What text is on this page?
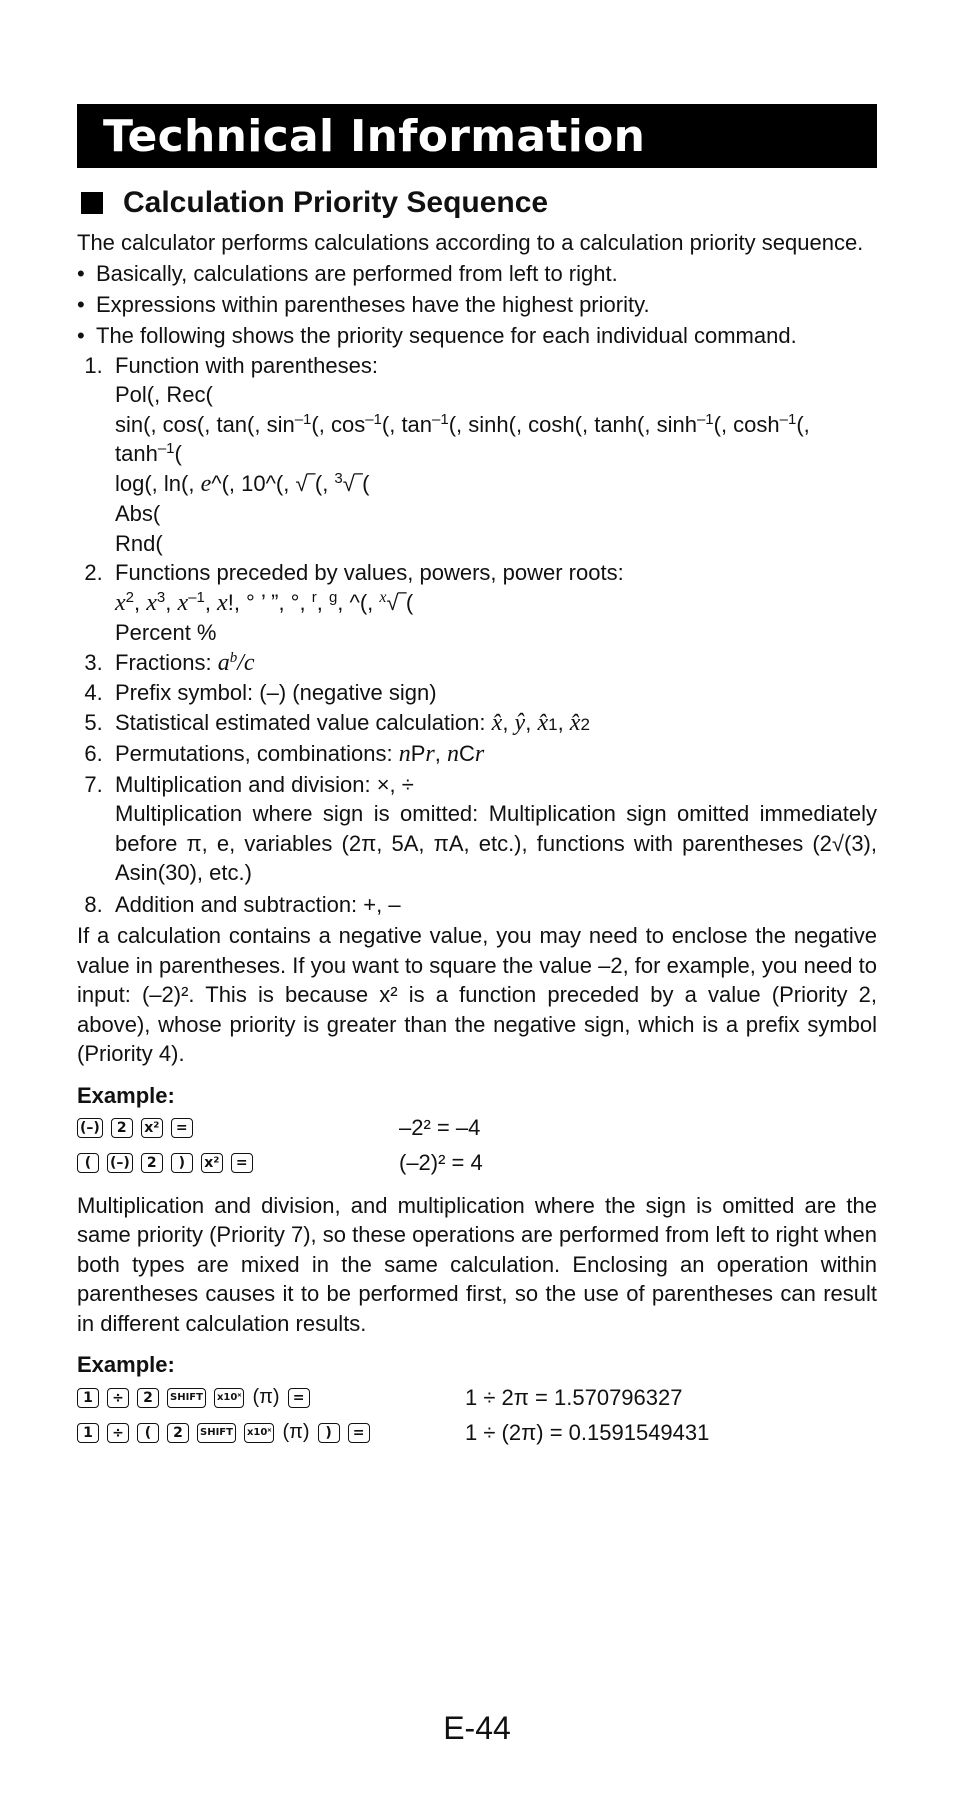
Technical Information
Calculation Priority Sequence
The calculator performs calculations according to a calculation priority sequence.
• Basically, calculations are performed from left to right.
• Expressions within parentheses have the highest priority.
• The following shows the priority sequence for each individual command.
1. Function with parentheses:
Pol(, Rec(
sin(, cos(, tan(, $\sin^{-1}$(, $\cos^{-1}$(, $\tan^{-1}$(, sinh(, cosh(, tanh(, $\sinh^{-1}$(, $\cosh^{-1}$(,
$\tanh^{-1}$(
log(, ln(, e^(, 10^(, √‾(, $^3$√‾(
Abs(
Rnd(
2. Functions preceded by values, powers, power roots:
$x^2$, $x^3$, $x^{-1}$, x!, ° ’ ”, °, $^r$, $^g$, ^(, $^x$√‾(
Percent %
3. Fractions: $a^b/c$
4. Prefix symbol: (–) (negative sign)
5. Statistical estimated value calculation: x̂, ŷ, x̂1, x̂2
6. Permutations, combinations: nPr, nCr
7. Multiplication and division: ×, ÷
Multiplication where sign is omitted: Multiplication sign omitted immediately before π, e, variables (2π, 5A, πA, etc.), functions with parentheses (2√(3), Asin(30), etc.)
8. Addition and subtraction: +, –
If a calculation contains a negative value, you may need to enclose the negative value in parentheses. If you want to square the value –2, for example, you need to input: (–2)². This is because x² is a function preceded by a value (Priority 2, above), whose priority is greater than the negative sign, which is a prefix symbol (Priority 4).
Example:
(–)	2	x²	=	–2² = –4
(	(–)	2	)	x²	=	(–2)² = 4
Multiplication and division, and multiplication where the sign is omitted are the same priority (Priority 7), so these operations are performed from left to right when both types are mixed in the same calculation. Enclosing an operation within parentheses causes it to be performed first, so the use of parentheses can result in different calculation results.
Example:
1	÷	2	SHIFT	x10ˣ (π) =	1 ÷ 2π = 1.570796327
1	÷	(	2	SHIFT	x10ˣ (π)	)	=	1 ÷ (2π) = 0.1591549431
E-44
